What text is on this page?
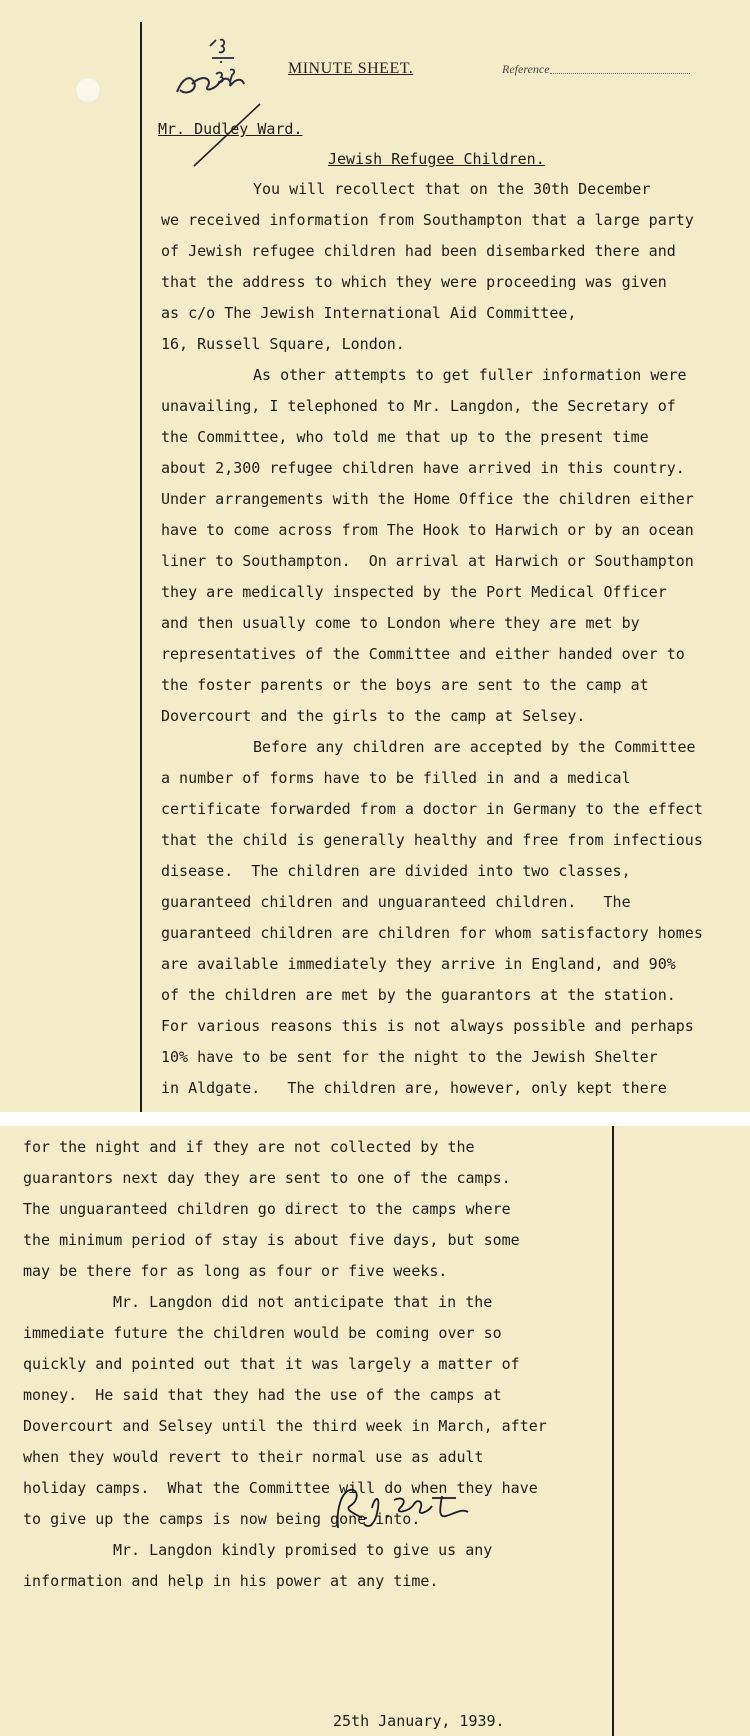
MINUTE SHEET.	Reference
Mr. Dudley Ward.
Jewish Refugee Children.
You will recollect that on the 30th December
we received information from Southampton that a large party
of Jewish refugee children had been disembarked there and
that the address to which they were proceeding was given
as c/o The Jewish International Aid Committee,
16, Russell Square, London.
As other attempts to get fuller information were
unavailing, I telephoned to Mr. Langdon, the Secretary of
the Committee, who told me that up to the present time
about 2,300 refugee children have arrived in this country.
Under arrangements with the Home Office the children either
have to come across from The Hook to Harwich or by an ocean
liner to Southampton.  On arrival at Harwich or Southampton
they are medically inspected by the Port Medical Officer
and then usually come to London where they are met by
representatives of the Committee and either handed over to
the foster parents or the boys are sent to the camp at
Dovercourt and the girls to the camp at Selsey.
Before any children are accepted by the Committee
a number of forms have to be filled in and a medical
certificate forwarded from a doctor in Germany to the effect
that the child is generally healthy and free from infectious
disease.  The children are divided into two classes,
guaranteed children and unguaranteed children.   The
guaranteed children are children for whom satisfactory homes
are available immediately they arrive in England, and 90%
of the children are met by the guarantors at the station.
For various reasons this is not always possible and perhaps
10% have to be sent for the night to the Jewish Shelter
in Aldgate.   The children are, however, only kept there
for the night and if they are not collected by the
guarantors next day they are sent to one of the camps.
The unguaranteed children go direct to the camps where
the minimum period of stay is about five days, but some
may be there for as long as four or five weeks.
Mr. Langdon did not anticipate that in the
immediate future the children would be coming over so
quickly and pointed out that it was largely a matter of
money.  He said that they had the use of the camps at
Dovercourt and Selsey until the third week in March, after
when they would revert to their normal use as adult
holiday camps.  What the Committee will do when they have
to give up the camps is now being gone into.
Mr. Langdon kindly promised to give us any
information and help in his power at any time.
25th January, 1939.
